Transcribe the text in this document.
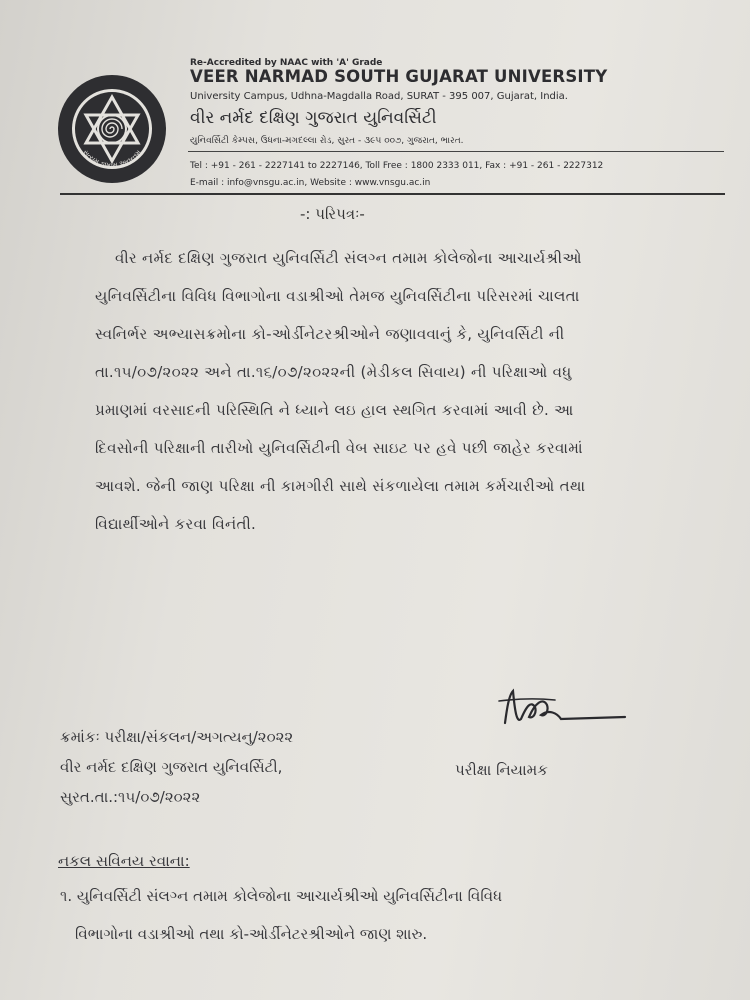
સત્યમ જ્ઞાનમ અનન્તમ
Re-Accredited by NAAC with 'A' Grade
VEER NARMAD SOUTH GUJARAT UNIVERSITY
University Campus, Udhna-Magdalla Road, SURAT - 395 007, Gujarat, India.
વીર નર્મદ દક્ષિણ ગુજરાત યુનિવર્સિટી
યુનિવર્સિટી કેમ્પસ, ઉધના-મગદલ્લા રોડ, સુરત - ૩૯૫ ૦૦૭, ગુજરાત, ભારત.
Tel : +91 - 261 - 2227141 to 2227146, Toll Free : 1800 2333 011, Fax : +91 - 261 - 2227312
E-mail : info@vnsgu.ac.in, Website : www.vnsgu.ac.in
-: પરિપત્રઃ-
વીર નર્મદ દક્ષિણ ગુજરાત યુનિવર્સિટી સંલગ્ન તમામ કોલેજોના આચાર્યશ્રીઓ
યુનિવર્સિટીના વિવિધ વિભાગોના વડાશ્રીઓ તેમજ યુનિવર્સિટીના પરિસરમાં ચાલતા
સ્વનિર્ભર અભ્યાસક્રમોના કો-ઓર્ડીનેટરશ્રીઓને જણાવવાનું કે, યુનિવર્સિટી ની
તા.૧૫/૦૭/૨૦૨૨ અને તા.૧૬/૦૭/૨૦૨૨ની (મેડીકલ સિવાય) ની પરિક્ષાઓ વધુ
પ્રમાણમાં વરસાદની પરિસ્થિતિ ને ધ્યાને લઇ હાલ સ્થગિત કરવામાં આવી છે. આ
દિવસોની પરિક્ષાની તારીખો યુનિવર્સિટીની વેબ સાઇટ પર હવે પછી જાહેર કરવામાં
આવશે. જેની જાણ પરિક્ષા ની કામગીરી સાથે સંકળાયેલા તમામ કર્મચારીઓ તથા
વિદ્યાર્થીઓને કરવા વિનંતી.
ક્રમાંકઃ પરીક્ષા/સંકલન/અગત્યનુ/૨૦૨૨
વીર નર્મદ દક્ષિણ ગુજરાત યુનિવર્સિટી,
સુરત.તા.:૧૫/૦૭/૨૦૨૨
પરીક્ષા નિયામક
નકલ સવિનય રવાના:
૧. યુનિવર્સિટી સંલગ્ન તમામ કોલેજોના આચાર્યશ્રીઓ યુનિવર્સિટીના વિવિધ
વિભાગોના વડાશ્રીઓ તથા કો-ઓર્ડીનેટરશ્રીઓને જાણ શારુ.
